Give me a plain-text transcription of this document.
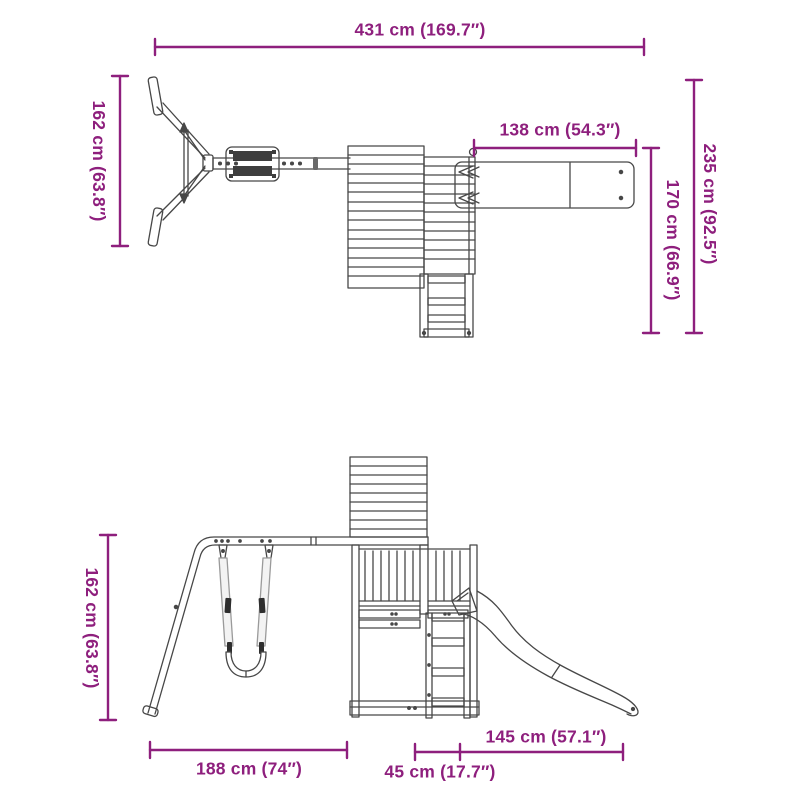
431 cm (169.7″)
162 cm (63.8″)	138 cm (54.3″)
235 cm (92.5″)
170 cm (66.9″)
162 cm (63.8″)
188 cm (74″)	45 cm (17.7″)
145 cm (57.1″)
